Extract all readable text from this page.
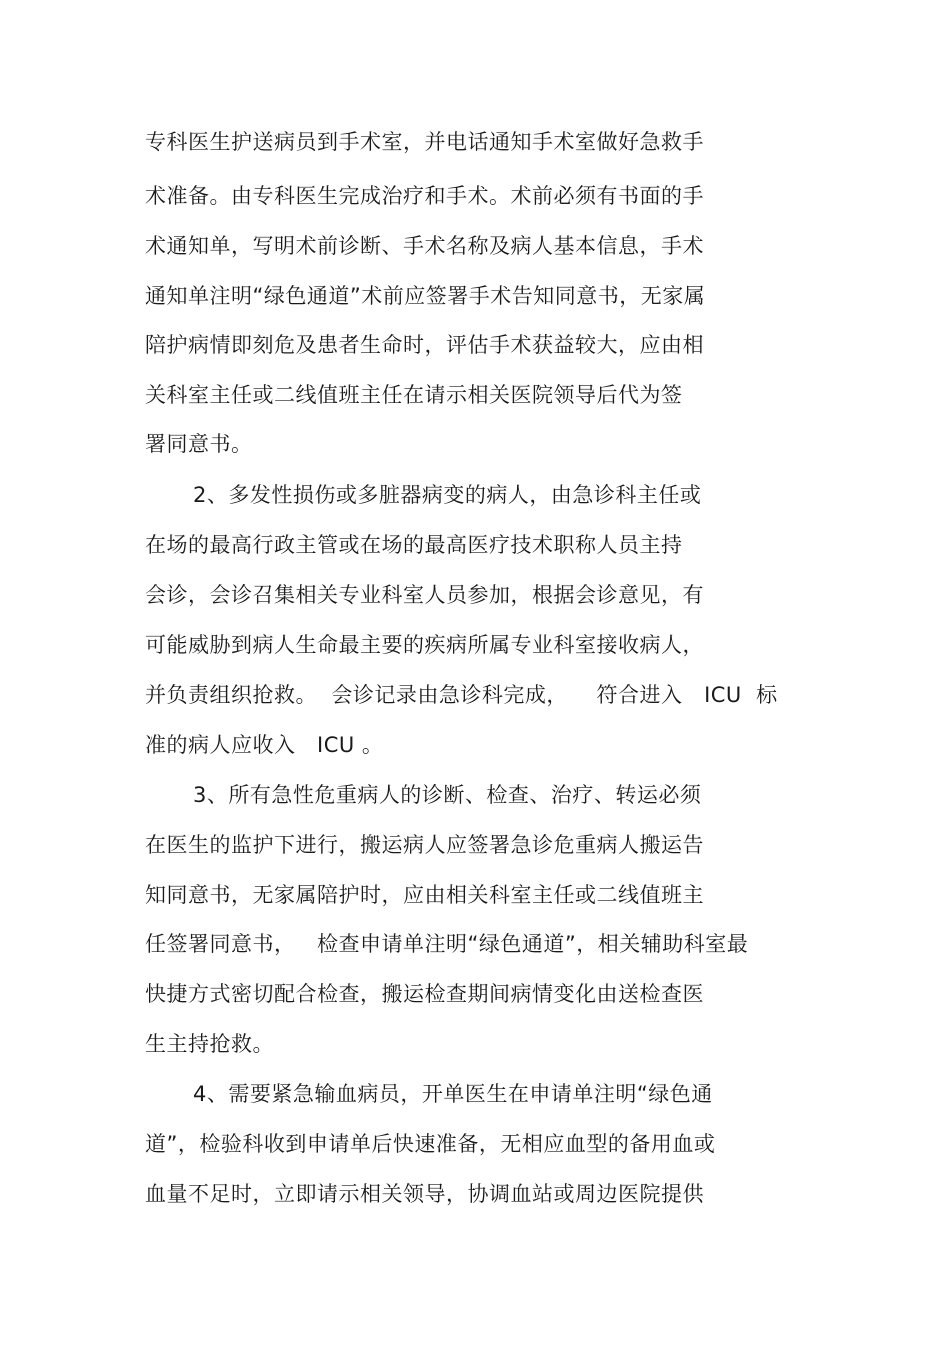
专科医生护送病员到手术室，并电话通知手术室做好急救手
术准备。由专科医生完成治疗和手术。术前必须有书面的手
术通知单，写明术前诊断、手术名称及病人基本信息，手术
通知单注明“绿色通道”术前应签署手术告知同意书，无家属
陪护病情即刻危及患者生命时，评估手术获益较大，应由相
关科室主任或二线值班主任在请示相关医院领导后代为签
署同意书。
2、多发性损伤或多脏器病变的病人，由急诊科主任或
在场的最高行政主管或在场的最高医疗技术职称人员主持
会诊，会诊召集相关专业科室人员参加，根据会诊意见，有
可能威胁到病人生命最主要的疾病所属专业科室接收病人，
并负责组织抢救。  会诊记录由急诊科完成，    符合进入   ICU  标
准的病人应收入   ICU 。
3、所有急性危重病人的诊断、检查、治疗、转运必须
在医生的监护下进行，搬运病人应签署急诊危重病人搬运告
知同意书，无家属陪护时，应由相关科室主任或二线值班主
任签署同意书，   检查申请单注明“绿色通道”，相关辅助科室最
快捷方式密切配合检查，搬运检查期间病情变化由送检查医
生主持抢救。
4、需要紧急输血病员，开单医生在申请单注明“绿色通
道”，检验科收到申请单后快速准备，无相应血型的备用血或
血量不足时，立即请示相关领导，协调血站或周边医院提供
